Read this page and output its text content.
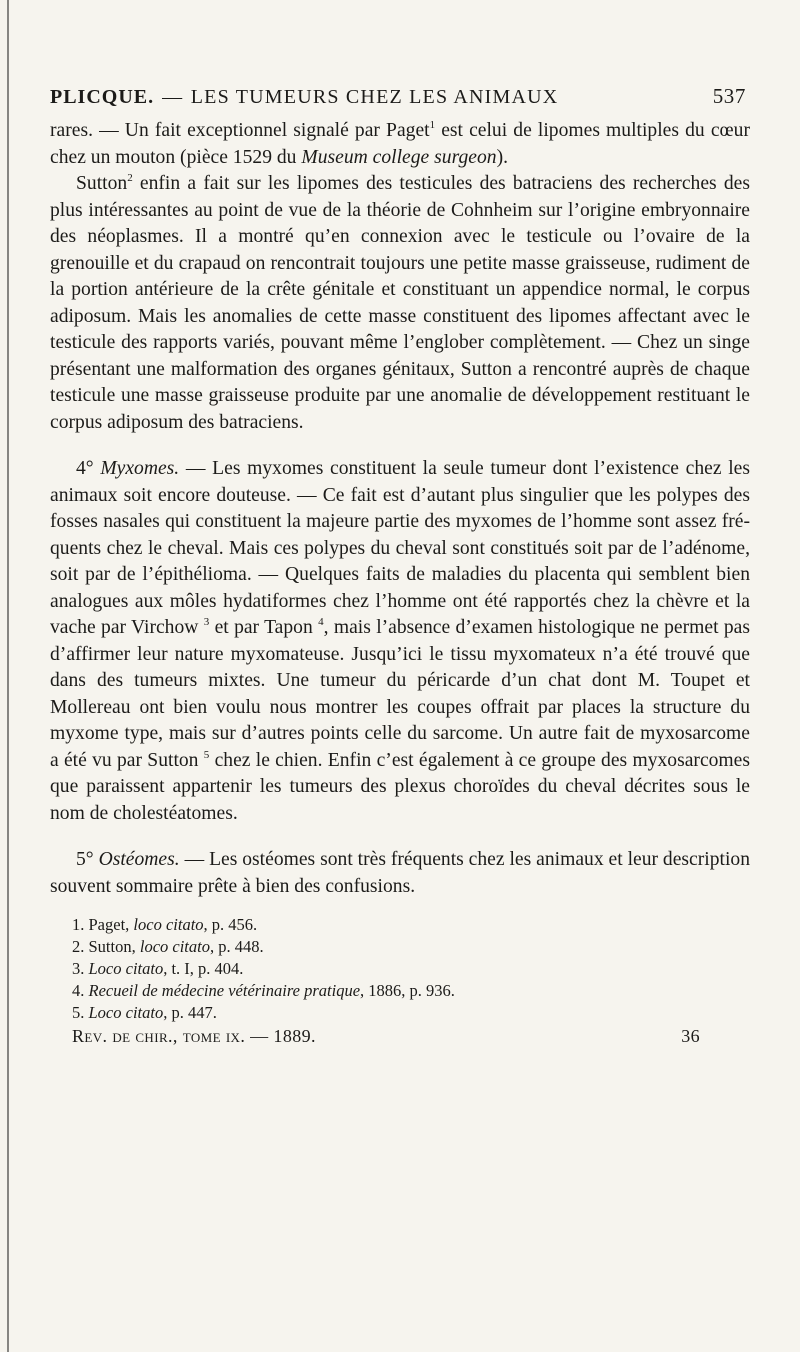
PLICQUE. — LES TUMEURS CHEZ LES ANIMAUX	537

rares. — Un fait exceptionnel signalé par Paget$^1$ est celui de lipomes multiples du cœur chez un mouton (pièce 1529 du Museum college surgeon).

Sutton$^2$ enfin a fait sur les lipomes des testicules des batraciens des recherches des plus intéressantes au point de vue de la théorie de Cohnheim sur l’origine embryonnaire des néoplasmes. Il a montré qu’en connexion avec le testicule ou l’ovaire de la grenouille et du crapaud on rencontrait toujours une petite masse graisseuse, rudiment de la portion antérieure de la crête génitale et constituant un appendice normal, le corpus adiposum. Mais les anomalies de cette masse constituent des lipomes affectant avec le testicule des rapports variés, pouvant même l’englober complètement. — Chez un singe présentant une malformation des organes génitaux, Sutton a rencontré auprès de chaque testicule une masse graisseuse produite par une anomalie de développement restituant le corpus adiposum des batraciens.

4° Myxomes. — Les myxomes constituent la seule tumeur dont l’existence chez les animaux soit encore douteuse. — Ce fait est d’autant plus singulier que les polypes des fosses nasales qui constituent la majeure partie des myxomes de l’homme sont assez fréquents chez le cheval. Mais ces polypes du cheval sont constitués soit par de l’adénome, soit par de l’épithélioma. — Quelques faits de maladies du placenta qui semblent bien analogues aux môles hydatiformes chez l’homme ont été rapportés chez la chèvre et la vache par Virchow $^3$ et par Tapon $^4$, mais l’absence d’examen histologique ne permet pas d’affirmer leur nature myxomateuse. Jusqu’ici le tissu myxomateux n’a été trouvé que dans des tumeurs mixtes. Une tumeur du péricarde d’un chat dont M. Toupet et Mollereau ont bien voulu nous montrer les coupes offrait par places la structure du myxome type, mais sur d’autres points celle du sarcome. Un autre fait de myxosarcome a été vu par Sutton $^5$ chez le chien. Enfin c’est également à ce groupe des myxosarcomes que paraissent appartenir les tumeurs des plexus choroïdes du cheval décrites sous le nom de cholestéatomes.

5° Ostéomes. — Les ostéomes sont très fréquents chez les animaux et leur description souvent sommaire prête à bien des confusions.

1. Paget, loco citato, p. 456.
2. Sutton, loco citato, p. 448.
3. Loco citato, t. I, p. 404.
4. Recueil de médecine vétérinaire pratique, 1886, p. 936.
5. Loco citato, p. 447.
Rev. de chir., tome ix. — 1889.	36
